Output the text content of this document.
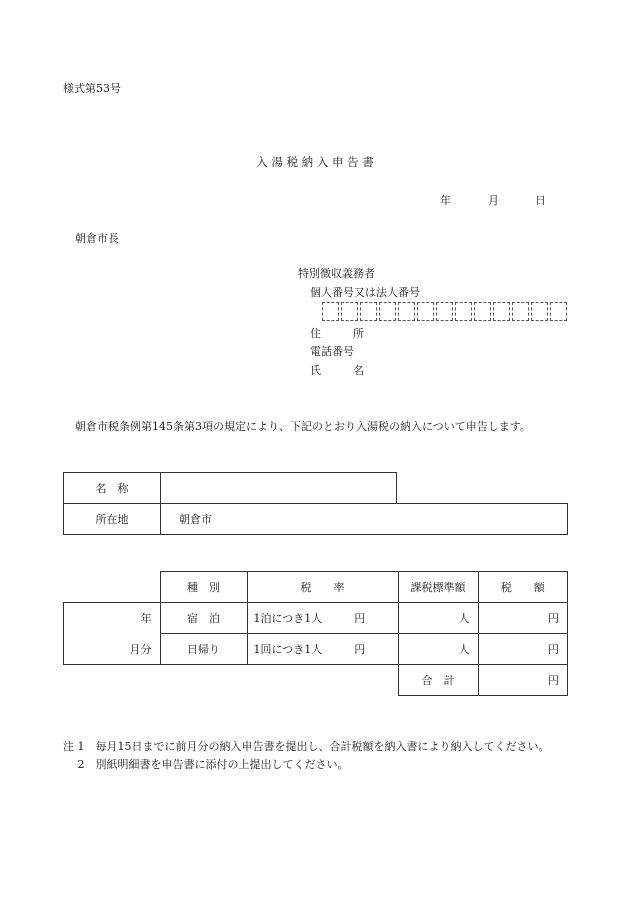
様式第53号
入 湯 税 納 入 申 告 書
年	月	日
朝倉市長
特別徴収義務者
個人番号又は法人番号
住	所
電話番号
氏	名
朝倉市税条例第145条第3項の規定により、下記のとおり入湯税の納入について申告します。
名　称		
所在地	朝倉市	
	種　別	税　　率	課税標準額	税　　額
年	宿　泊	1泊につき1人 円	人	円
月分	日帰り	1回につき1人 円	人	円
			合　計	円
注 1　毎月15日までに前月分の納入申告書を提出し、合計税額を納入書により納入してください。
　 2　別紙明細書を申告書に添付の上提出してください。
